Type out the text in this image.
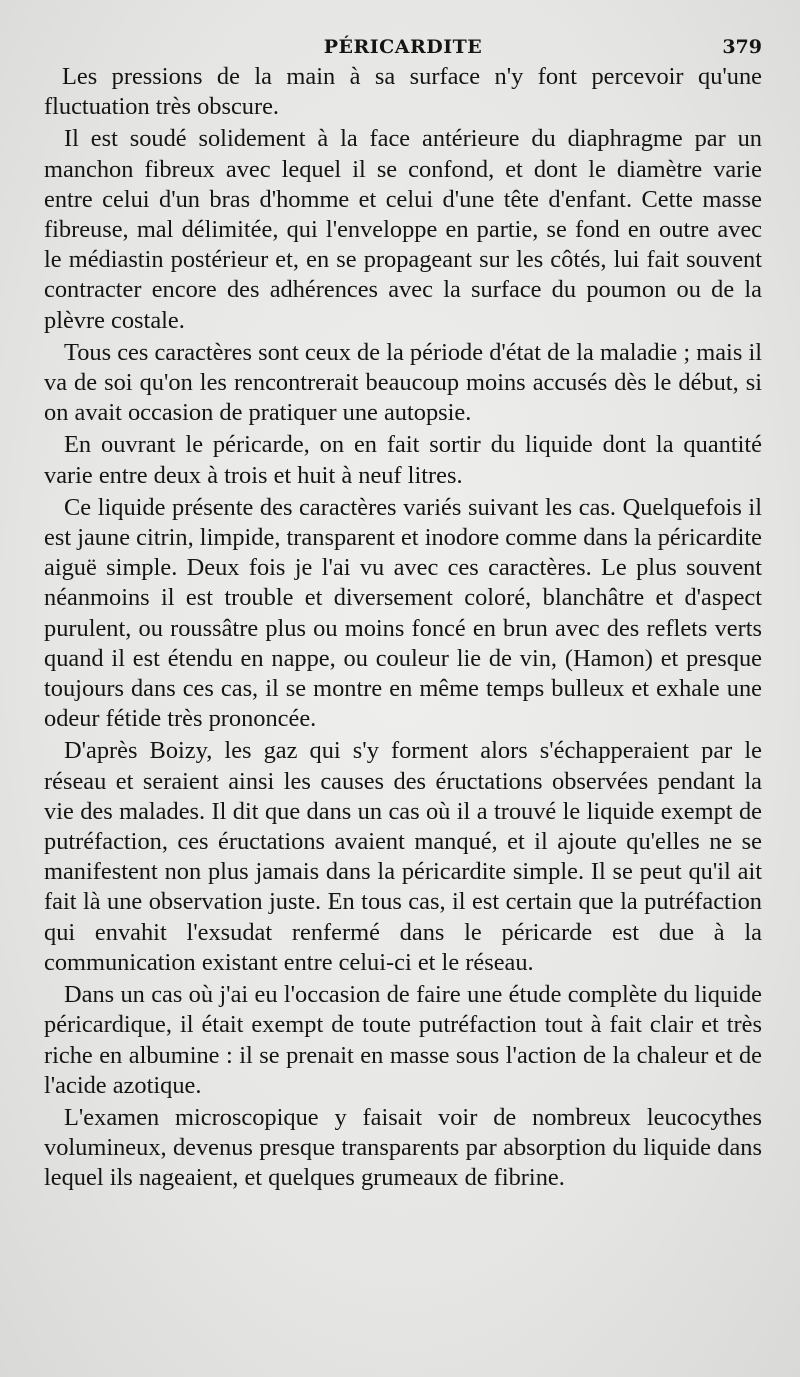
PÉRICARDITE	379

Les pressions de la main à sa surface n'y font percevoir qu'une fluctuation très obscure.

Il est soudé solidement à la face antérieure du diaphragme par un manchon fibreux avec lequel il se confond, et dont le diamètre varie entre celui d'un bras d'homme et celui d'une tête d'enfant. Cette masse fibreuse, mal délimitée, qui l'enveloppe en partie, se fond en outre avec le médiastin postérieur et, en se propageant sur les côtés, lui fait souvent contracter encore des adhérences avec la surface du poumon ou de la plèvre costale.

Tous ces caractères sont ceux de la période d'état de la maladie ; mais il va de soi qu'on les rencontrerait beaucoup moins accusés dès le début, si on avait occasion de pratiquer une autopsie.

En ouvrant le péricarde, on en fait sortir du liquide dont la quantité varie entre deux à trois et huit à neuf litres.

Ce liquide présente des caractères variés suivant les cas. Quelquefois il est jaune citrin, limpide, transparent et inodore comme dans la péricardite aiguë simple. Deux fois je l'ai vu avec ces caractères. Le plus souvent néanmoins il est trouble et diversement coloré, blanchâtre et d'aspect purulent, ou roussâtre plus ou moins foncé en brun avec des reflets verts quand il est étendu en nappe, ou couleur lie de vin, (Hamon) et presque toujours dans ces cas, il se montre en même temps bulleux et exhale une odeur fétide très prononcée.

D'après Boizy, les gaz qui s'y forment alors s'échapperaient par le réseau et seraient ainsi les causes des éructations observées pendant la vie des malades. Il dit que dans un cas où il a trouvé le liquide exempt de putréfaction, ces éructations avaient manqué, et il ajoute qu'elles ne se manifestent non plus jamais dans la péricardite simple. Il se peut qu'il ait fait là une observation juste. En tous cas, il est certain que la putréfaction qui envahit l'exsudat renfermé dans le péricarde est due à la communication existant entre celui-ci et le réseau.

Dans un cas où j'ai eu l'occasion de faire une étude complète du liquide péricardique, il était exempt de toute putréfaction tout à fait clair et très riche en albumine : il se prenait en masse sous l'action de la chaleur et de l'acide azotique.

L'examen microscopique y faisait voir de nombreux leucocythes volumineux, devenus presque transparents par absorption du liquide dans lequel ils nageaient, et quelques grumeaux de fibrine.
